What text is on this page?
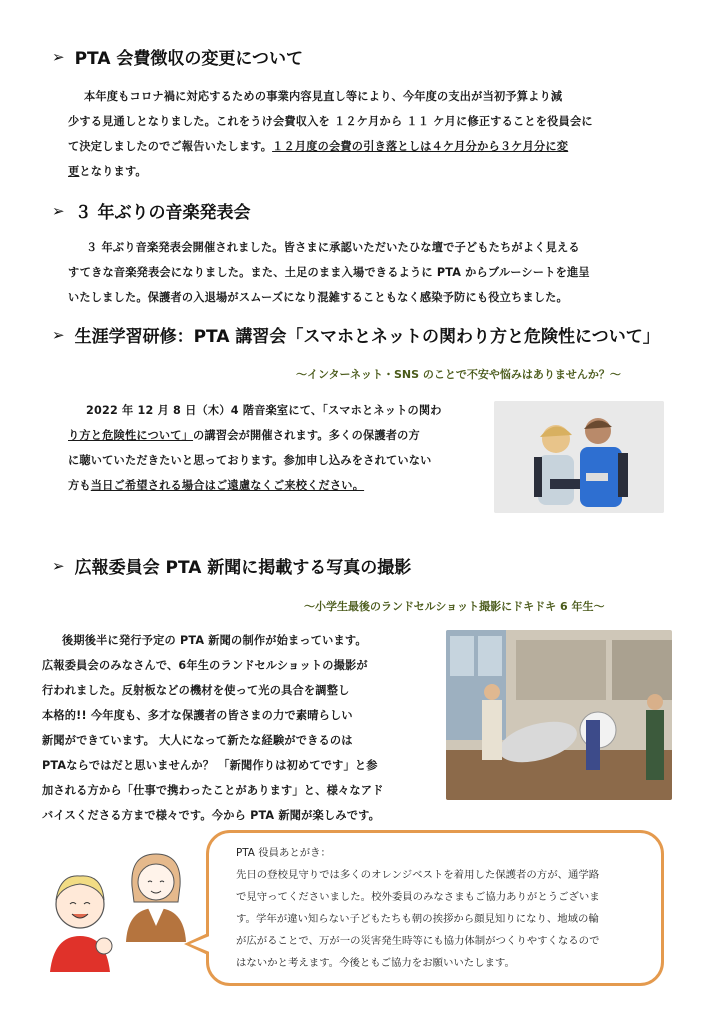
➢ PTA 会費徴収の変更について
本年度もコロナ禍に対応するための事業内容見直し等により、今年度の支出が当初予算より減
少する見通しとなりました。これをうけ会費収入を １２ケ月から １１ ケ月に修正することを役員会に
て決定しましたのでご報告いたします。１２月度の会費の引き落としは４ケ月分から３ケ月分に変
更となります。
➢ ３ 年ぶりの音楽発表会
３ 年ぶり音楽発表会開催されました。皆さまに承認いただいたひな壇で子どもたちがよく見える
すてきな音楽発表会になりました。また、土足のまま入場できるように PTA からブルーシートを進呈
いたしました。保護者の入退場がスムーズになり混雑することもなく感染予防にも役立ちました。
➢ 生涯学習研修：PTA 講習会「スマホとネットの関わり方と危険性について」
～インターネット・SNS のことで不安や悩みはありませんか？～
2022 年 12 月 8 日（木）4 階音楽室にて、「スマホとネットの関わ
り方と危険性について」の講習会が開催されます。多くの保護者の方
に聴いていただきたいと思っております。参加申し込みをされていない
方も当日ご希望される場合はご遠慮なくご来校ください。
➢ 広報委員会 PTA 新聞に掲載する写真の撮影
～小学生最後のランドセルショット撮影にドキドキ 6 年生～
後期後半に発行予定の PTA 新聞の制作が始まっています。
広報委員会のみなさんで、6年生のランドセルショットの撮影が
行われました。反射板などの機材を使って光の具合を調整し
本格的!! 今年度も、多才な保護者の皆さまの力で素晴らしい
新聞ができています。 大人になって新たな経験ができるのは
PTAならではだと思いませんか？ 「新聞作りは初めてです」と参
加される方から「仕事で携わったことがあります」と、様々なアド
バイスくださる方まで様々です。今から PTA 新聞が楽しみです。
PTA 役員あとがき：
先日の登校見守りでは多くのオレンジベストを着用した保護者の方が、通学路
で見守ってくださいました。校外委員のみなさまもご協力ありがとうございま
す。学年が違い知らない子どもたちも朝の挨拶から顔見知りになり、地域の輪
が広がることで、万が一の災害発生時等にも協力体制がつくりやすくなるので
はないかと考えます。今後ともご協力をお願いいたします。
